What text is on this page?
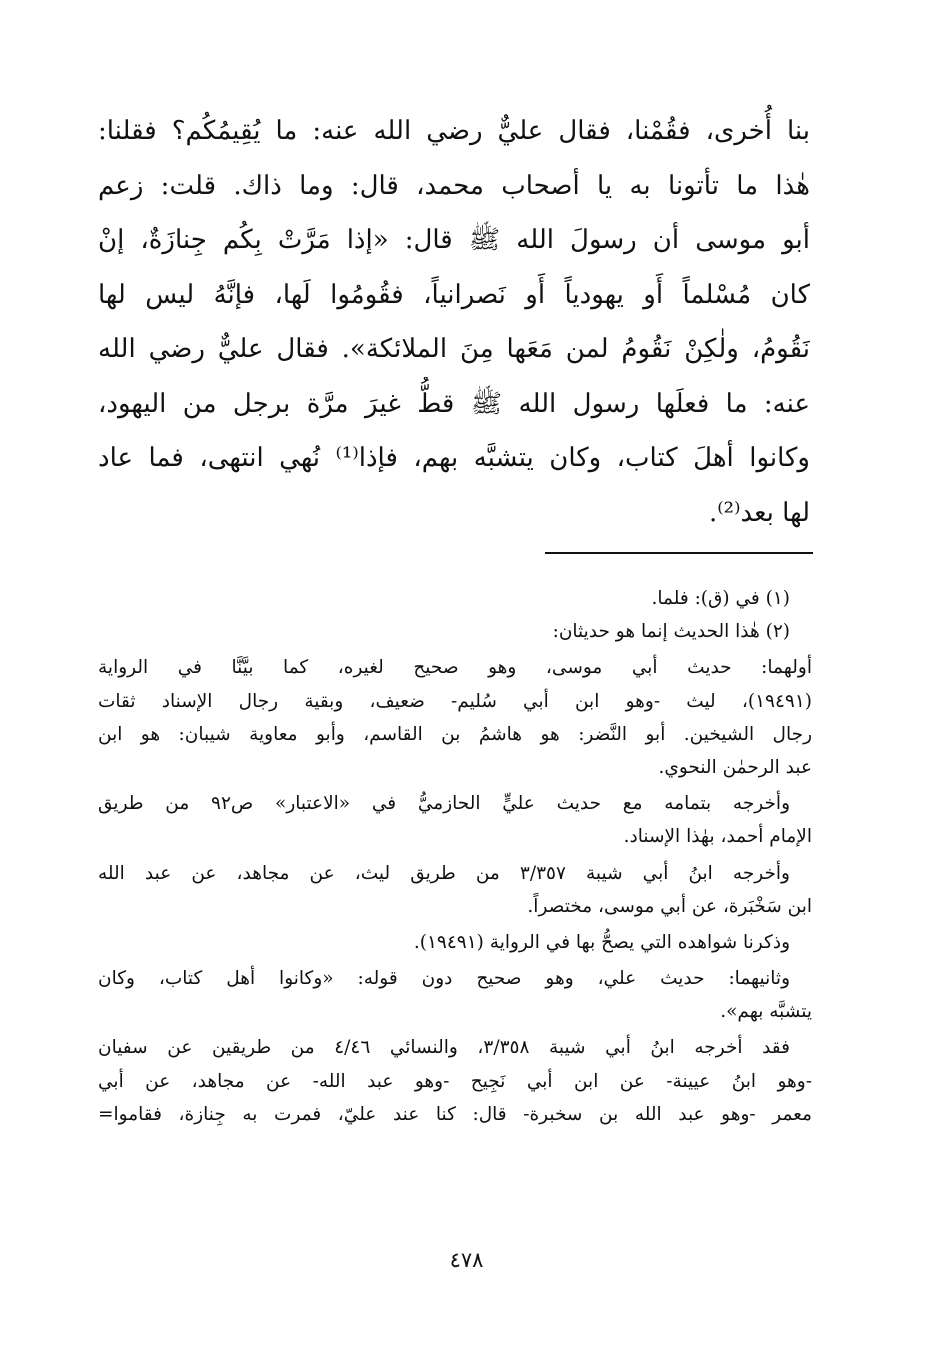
بنا أُخرى، فقُمْنا، فقال عليٌّ رضي الله عنه: ما يُقِيمُكُم؟ فقلنا:
هٰذا ما تأتونا به يا أصحاب محمد، قال: وما ذاك. قلت: زعم
أبو موسى أن رسولَ الله ﷺ قال: «إذا مَرَّتْ بِكُم جِنازَةٌ، إنْ
كان مُسْلماً أَو يهودياً أَو نَصرانياً، فقُومُوا لَها، فإنَّهُ ليس لها
نَقُومُ، ولٰكِنْ نَقُومُ لمن مَعَها مِنَ الملائكة». فقال عليٌّ رضي الله
عنه: ما فعلَها رسول الله ﷺ قطُّ غيرَ مرَّة برجل من اليهود،
وكانوا أهلَ كتاب، وكان يتشبَّه بهم، فإذا⁽¹⁾ نُهي انتهى، فما عاد
لها بعد⁽²⁾.
(١) في (ق): فلما.
(٢) هٰذا الحديث إنما هو حديثان:
أولهما: حديث أبي موسى، وهو صحيح لغيره، كما بيَّنَّا في الرواية
(١٩٤٩١)، ليث -وهو ابن أبي سُليم- ضعيف، وبقية رجال الإسناد ثقات
رجال الشيخين. أبو النَّضر: هو هاشمُ بن القاسم، وأبو معاوية شيبان: هو ابن
عبد الرحمٰن النحوي.
وأخرجه بتمامه مع حديث عليٍّ الحازميُّ في «الاعتبار» ص٩٢ من طريق
الإمام أحمد، بهٰذا الإسناد.
وأخرجه ابنُ أبي شيبة ٣/٣٥٧ من طريق ليث، عن مجاهد، عن عبد الله
ابن سَخْبَرة، عن أبي موسى، مختصراً.
وذكرنا شواهده التي يصحُّ بها في الرواية (١٩٤٩١).
وثانيهما: حديث علي، وهو صحيح دون قوله: «وكانوا أهل كتاب، وكان
يتشبَّه بهم».
فقد أخرجه ابنُ أبي شيبة ٣/٣٥٨، والنسائي ٤/٤٦ من طريقين عن سفيان
-وهو ابنُ عيينة- عن ابن أبي نَجِيح -وهو عبد الله- عن مجاهد، عن أبي
معمر -وهو عبد الله بن سخبرة- قال: كنا عند عليّ، فمرت به جِنازة، فقاموا=
٤٧٨
